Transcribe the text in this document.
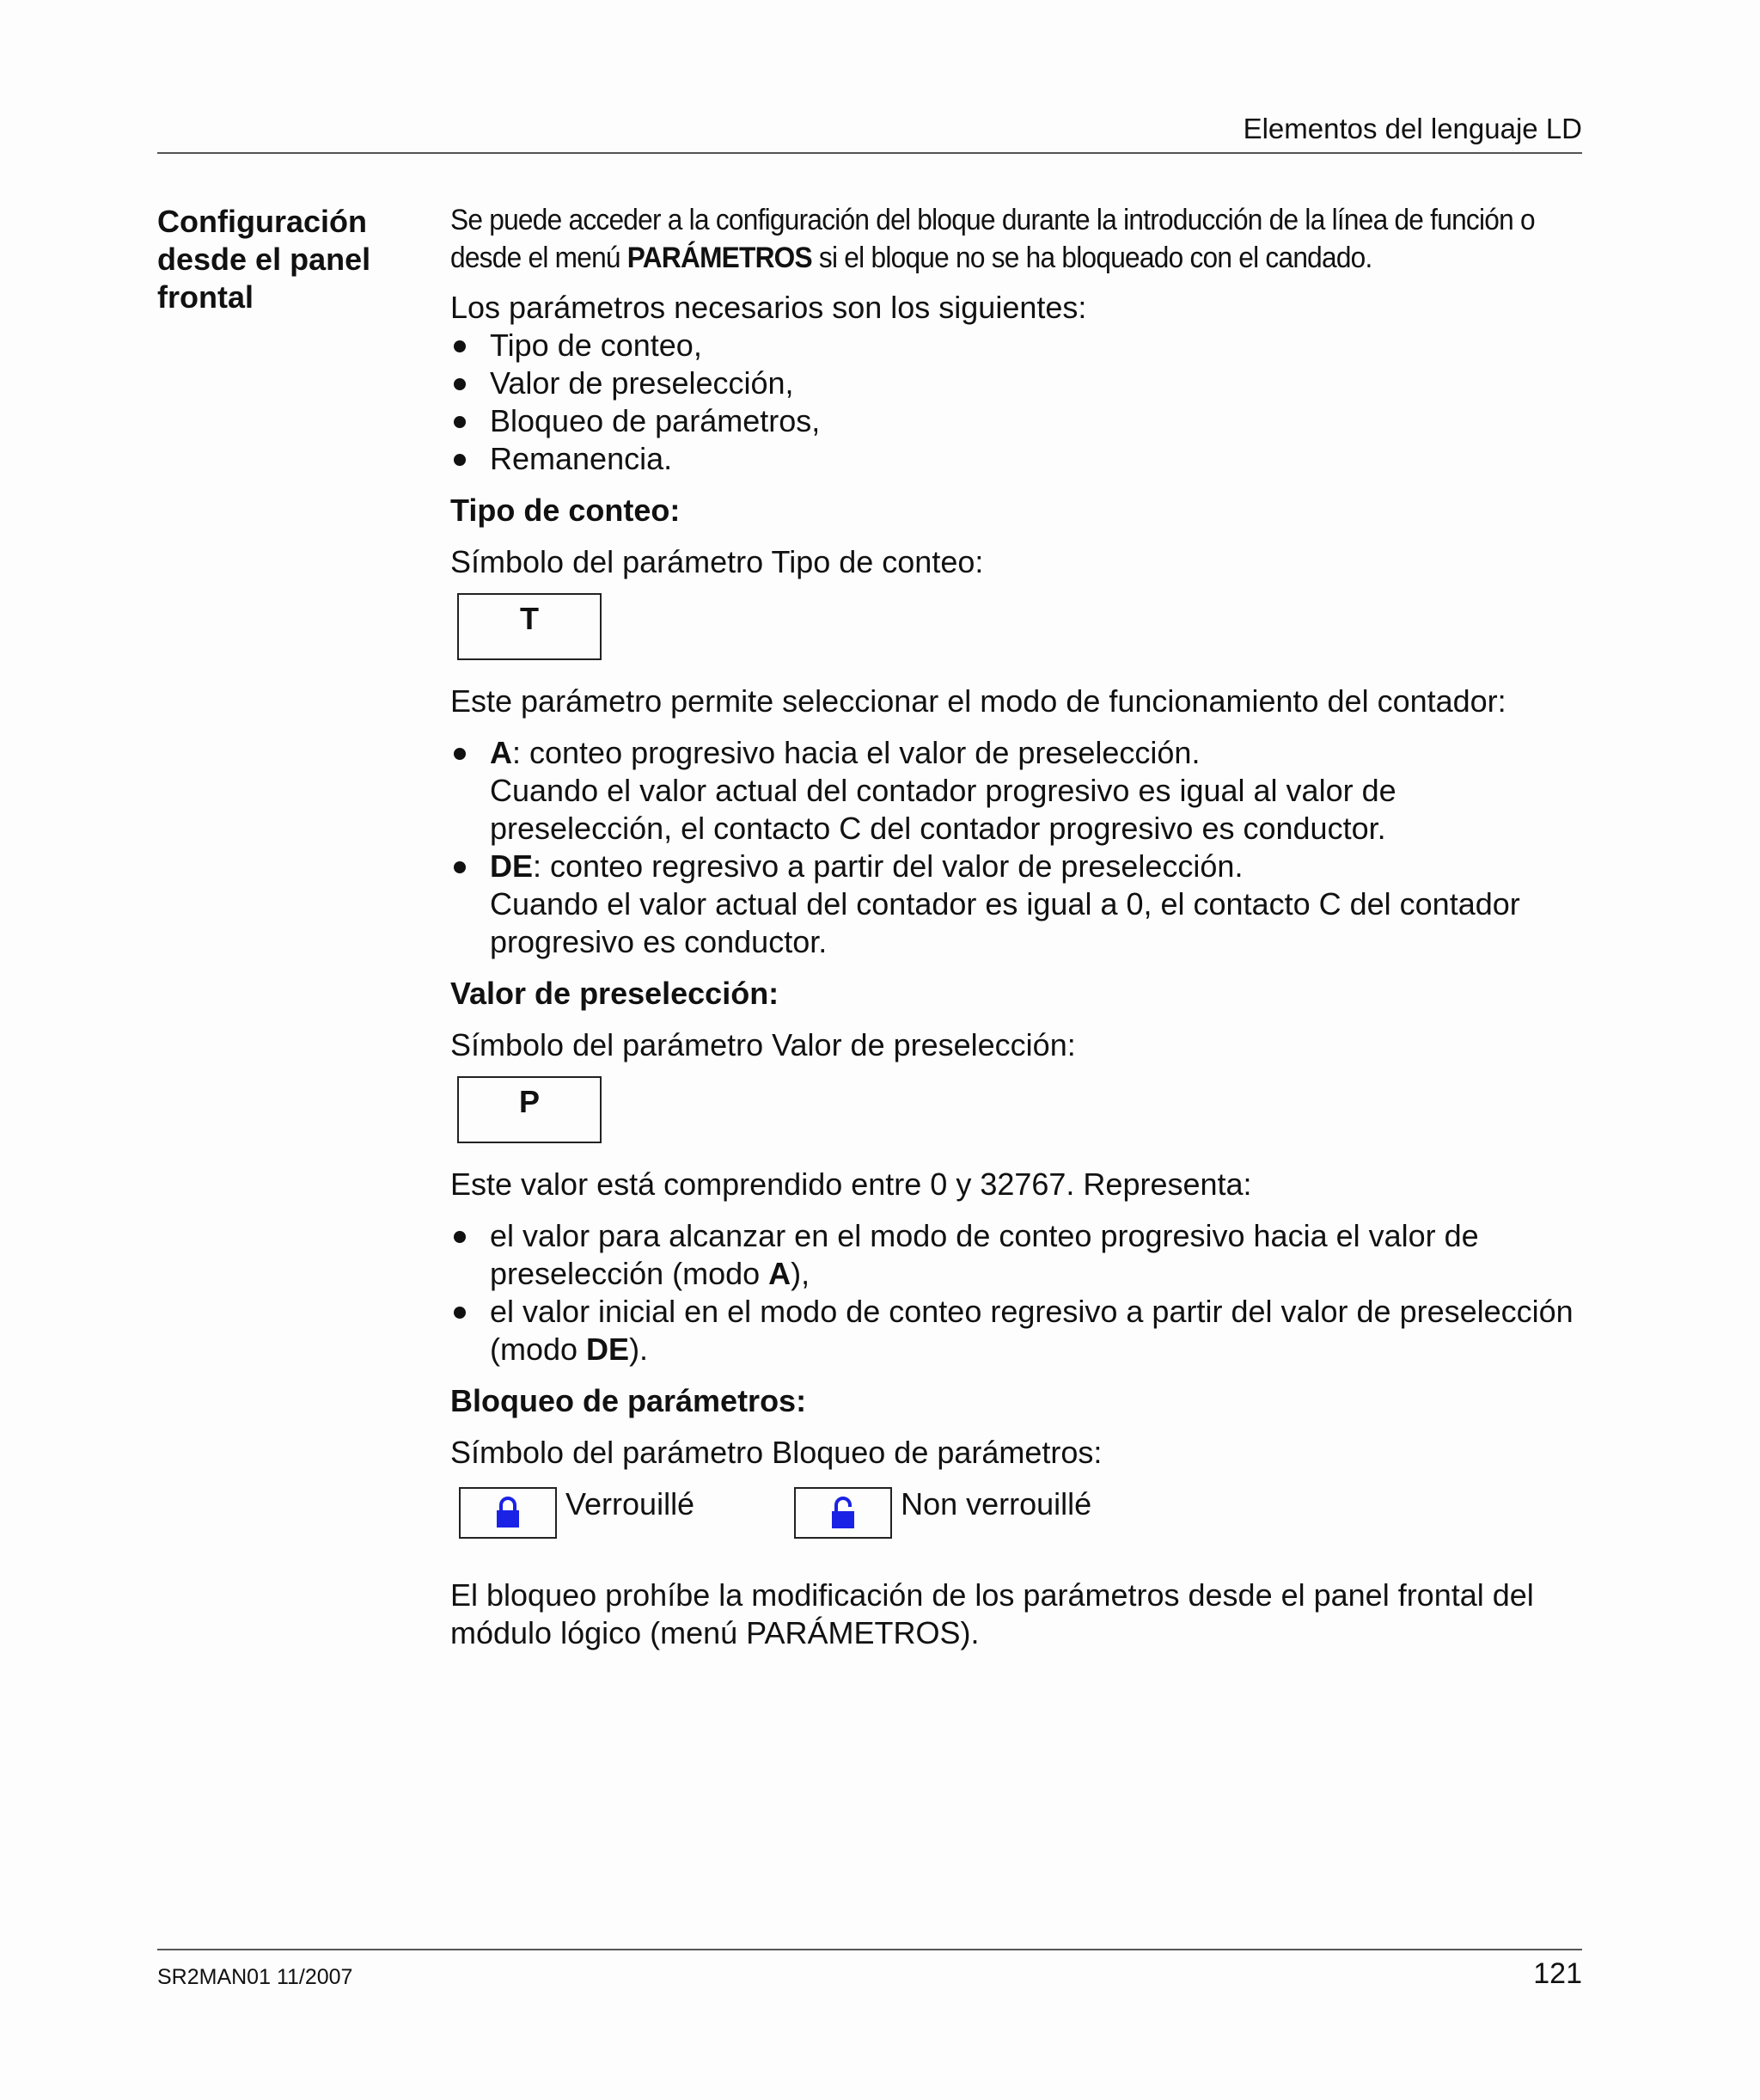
Elementos del lenguaje LD
Configuración desde el panel frontal

Se puede acceder a la configuración del bloque durante la introducción de la línea de función o desde el menú PARÁMETROS si el bloque no se ha bloqueado con el candado.

Los parámetros necesarios son los siguientes:

Tipo de conteo,
Valor de preselección,
Bloqueo de parámetros,
Remanencia.

Tipo de conteo:

Símbolo del parámetro Tipo de conteo:

T

Este parámetro permite seleccionar el modo de funcionamiento del contador:

A: conteo progresivo hacia el valor de preselección.
Cuando el valor actual del contador progresivo es igual al valor de preselección, el contacto C del contador progresivo es conductor.
DE: conteo regresivo a partir del valor de preselección.
Cuando el valor actual del contador es igual a 0, el contacto C del contador progresivo es conductor.

Valor de preselección:

Símbolo del parámetro Valor de preselección:

P

Este valor está comprendido entre 0 y 32767. Representa:

el valor para alcanzar en el modo de conteo progresivo hacia el valor de preselección (modo A),
el valor inicial en el modo de conteo regresivo a partir del valor de preselección (modo DE).

Bloqueo de parámetros:

Símbolo del parámetro Bloqueo de parámetros:

Verrouillé	Non verrouillé

El bloqueo prohíbe la modificación de los parámetros desde el panel frontal del módulo lógico (menú PARÁMETROS).

SR2MAN01 11/2007	121
